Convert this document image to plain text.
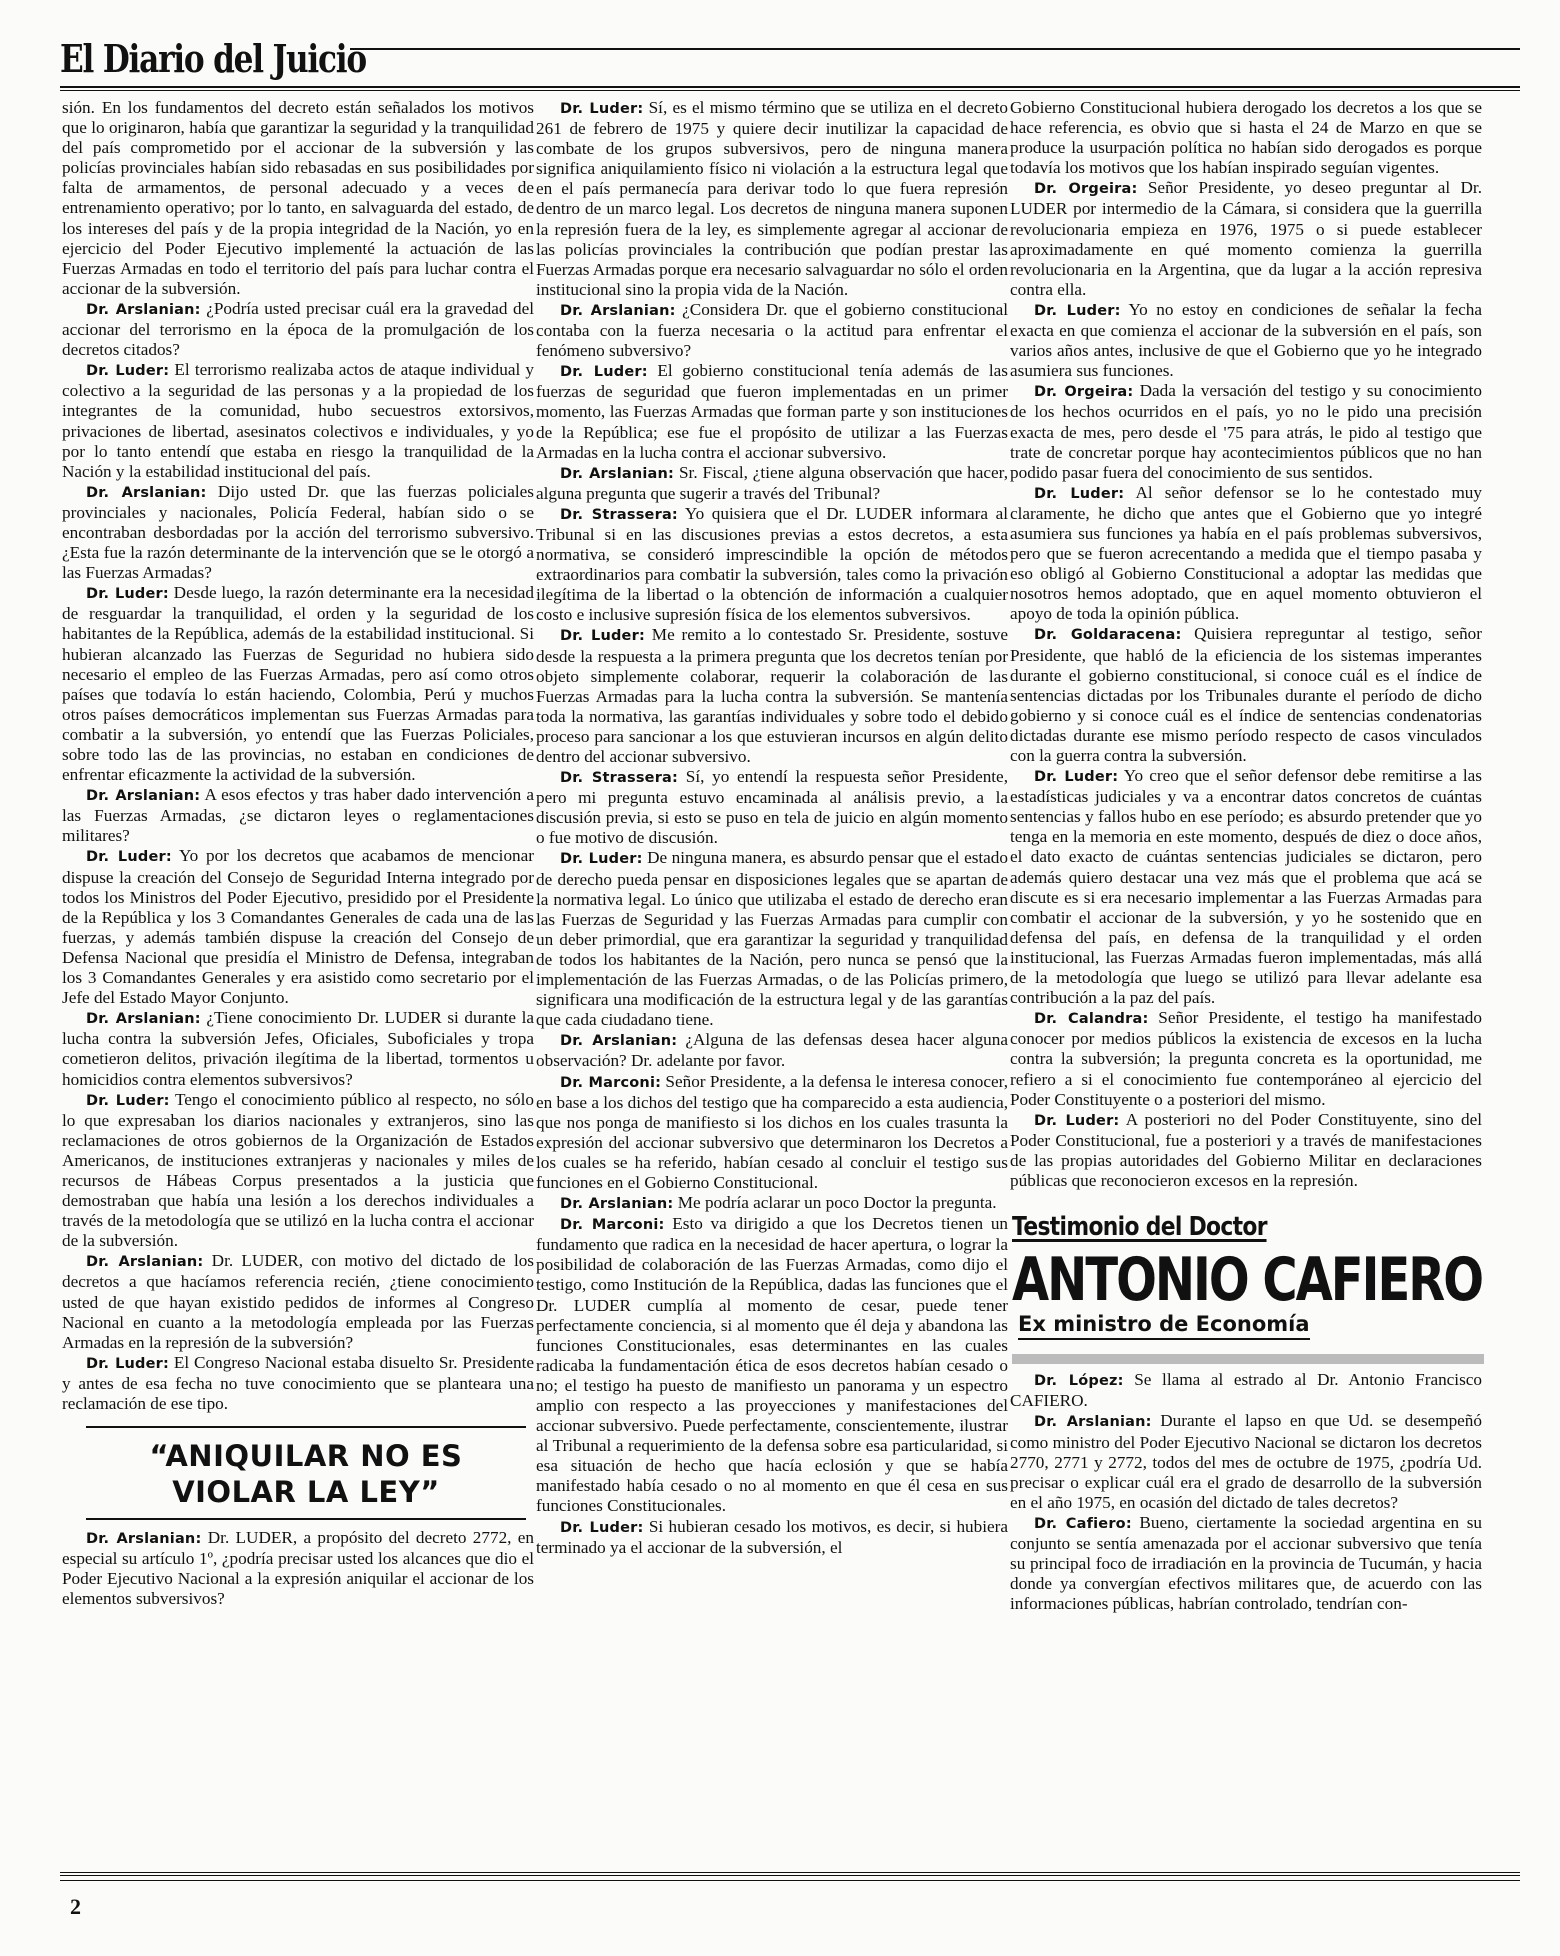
El Diario del Juicio

sión. En los fundamentos del decreto están señalados los motivos que lo originaron, había que garantizar la seguridad y la tranquilidad del país comprometido por el accionar de la subversión y las policías provinciales habían sido rebasadas en sus posibilidades por falta de armamentos, de personal adecuado y a veces de entrenamiento operativo; por lo tanto, en salvaguarda del estado, de los intereses del país y de la propia integridad de la Nación, yo en ejercicio del Poder Ejecutivo implementé la actuación de las Fuerzas Armadas en todo el territorio del país para luchar contra el accionar de la subversión.

Dr. Arslanian: ¿Podría usted precisar cuál era la gravedad del accionar del terrorismo en la época de la promulgación de los decretos citados?

Dr. Luder: El terrorismo realizaba actos de ataque individual y colectivo a la seguridad de las personas y a la propiedad de los integrantes de la comunidad, hubo secuestros extorsivos, privaciones de libertad, asesinatos colectivos e individuales, y yo por lo tanto entendí que estaba en riesgo la tranquilidad de la Nación y la estabilidad institucional del país.

Dr. Arslanian: Dijo usted Dr. que las fuerzas policiales provinciales y nacionales, Policía Federal, habían sido o se encontraban desbordadas por la acción del terrorismo subversivo. ¿Esta fue la razón determinante de la intervención que se le otorgó a las Fuerzas Armadas?

Dr. Luder: Desde luego, la razón determinante era la necesidad de resguardar la tranquilidad, el orden y la seguridad de los habitantes de la República, además de la estabilidad institucional. Si hubieran alcanzado las Fuerzas de Seguridad no hubiera sido necesario el empleo de las Fuerzas Armadas, pero así como otros países que todavía lo están haciendo, Colombia, Perú y muchos otros países democráticos implementan sus Fuerzas Armadas para combatir a la subversión, yo entendí que las Fuerzas Policiales, sobre todo las de las provincias, no estaban en condiciones de enfrentar eficazmente la actividad de la subversión.

Dr. Arslanian: A esos efectos y tras haber dado intervención a las Fuerzas Armadas, ¿se dictaron leyes o reglamentaciones militares?

Dr. Luder: Yo por los decretos que acabamos de mencionar dispuse la creación del Consejo de Seguridad Interna integrado por todos los Ministros del Poder Ejecutivo, presidido por el Presidente de la República y los 3 Comandantes Generales de cada una de las fuerzas, y además también dispuse la creación del Consejo de Defensa Nacional que presidía el Ministro de Defensa, integraban los 3 Comandantes Generales y era asistido como secretario por el Jefe del Estado Mayor Conjunto.

Dr. Arslanian: ¿Tiene conocimiento Dr. LUDER si durante la lucha contra la subversión Jefes, Oficiales, Suboficiales y tropa cometieron delitos, privación ilegítima de la libertad, tormentos u homicidios contra elementos subversivos?

Dr. Luder: Tengo el conocimiento público al respecto, no sólo lo que expresaban los diarios nacionales y extranjeros, sino las reclamaciones de otros gobiernos de la Organización de Estados Americanos, de instituciones extranjeras y nacionales y miles de recursos de Hábeas Corpus presentados a la justicia que demostraban que había una lesión a los derechos individuales a través de la metodología que se utilizó en la lucha contra el accionar de la subversión.

Dr. Arslanian: Dr. LUDER, con motivo del dictado de los decretos a que hacíamos referencia recién, ¿tiene conocimiento usted de que hayan existido pedidos de informes al Congreso Nacional en cuanto a la metodología empleada por las Fuerzas Armadas en la represión de la subversión?

Dr. Luder: El Congreso Nacional estaba disuelto Sr. Presidente y antes de esa fecha no tuve conocimiento que se planteara una reclamación de ese tipo.

“ANIQUILAR NO ES
VIOLAR LA LEY”

Dr. Arslanian: Dr. LUDER, a propósito del decreto 2772, en especial su artículo 1º, ¿podría precisar usted los alcances que dio el Poder Ejecutivo Nacional a la expresión aniquilar el accionar de los elementos subversivos?

Dr. Luder: Sí, es el mismo término que se utiliza en el decreto 261 de febrero de 1975 y quiere decir inutilizar la capacidad de combate de los grupos subversivos, pero de ninguna manera significa aniquilamiento físico ni violación a la estructura legal que en el país permanecía para derivar todo lo que fuera represión dentro de un marco legal. Los decretos de ninguna manera suponen la represión fuera de la ley, es simplemente agregar al accionar de las policías provinciales la contribución que podían prestar las Fuerzas Armadas porque era necesario salvaguardar no sólo el orden institucional sino la propia vida de la Nación.

Dr. Arslanian: ¿Considera Dr. que el gobierno constitucional contaba con la fuerza necesaria o la actitud para enfrentar el fenómeno subversivo?

Dr. Luder: El gobierno constitucional tenía además de las fuerzas de seguridad que fueron implementadas en un primer momento, las Fuerzas Armadas que forman parte y son instituciones de la República; ese fue el propósito de utilizar a las Fuerzas Armadas en la lucha contra el accionar subversivo.

Dr. Arslanian: Sr. Fiscal, ¿tiene alguna observación que hacer, alguna pregunta que sugerir a través del Tribunal?

Dr. Strassera: Yo quisiera que el Dr. LUDER informara al Tribunal si en las discusiones previas a estos decretos, a esta normativa, se consideró imprescindible la opción de métodos extraordinarios para combatir la subversión, tales como la privación ilegítima de la libertad o la obtención de información a cualquier costo e inclusive supresión física de los elementos subversivos.

Dr. Luder: Me remito a lo contestado Sr. Presidente, sostuve desde la respuesta a la primera pregunta que los decretos tenían por objeto simplemente colaborar, requerir la colaboración de las Fuerzas Armadas para la lucha contra la subversión. Se mantenía toda la normativa, las garantías individuales y sobre todo el debido proceso para sancionar a los que estuvieran incursos en algún delito dentro del accionar subversivo.

Dr. Strassera: Sí, yo entendí la respuesta señor Presidente, pero mi pregunta estuvo encaminada al análisis previo, a la discusión previa, si esto se puso en tela de juicio en algún momento o fue motivo de discusión.

Dr. Luder: De ninguna manera, es absurdo pensar que el estado de derecho pueda pensar en disposiciones legales que se apartan de la normativa legal. Lo único que utilizaba el estado de derecho eran las Fuerzas de Seguridad y las Fuerzas Armadas para cumplir con un deber primordial, que era garantizar la seguridad y tranquilidad de todos los habitantes de la Nación, pero nunca se pensó que la implementación de las Fuerzas Armadas, o de las Policías primero, significara una modificación de la estructura legal y de las garantías que cada ciudadano tiene.

Dr. Arslanian: ¿Alguna de las defensas desea hacer alguna observación? Dr. adelante por favor.

Dr. Marconi: Señor Presidente, a la defensa le interesa conocer, en base a los dichos del testigo que ha comparecido a esta audiencia, que nos ponga de manifiesto si los dichos en los cuales trasunta la expresión del accionar subversivo que determinaron los Decretos a los cuales se ha referido, habían cesado al concluir el testigo sus funciones en el Gobierno Constitucional.

Dr. Arslanian: Me podría aclarar un poco Doctor la pregunta.

Dr. Marconi: Esto va dirigido a que los Decretos tienen un fundamento que radica en la necesidad de hacer apertura, o lograr la posibilidad de colaboración de las Fuerzas Armadas, como dijo el testigo, como Institución de la República, dadas las funciones que el Dr. LUDER cumplía al momento de cesar, puede tener perfectamente conciencia, si al momento que él deja y abandona las funciones Constitucionales, esas determinantes en las cuales radicaba la fundamentación ética de esos decretos habían cesado o no; el testigo ha puesto de manifiesto un panorama y un espectro amplio con respecto a las proyecciones y manifestaciones del accionar subversivo. Puede perfectamente, conscientemente, ilustrar al Tribunal a requerimiento de la defensa sobre esa particularidad, si esa situación de hecho que hacía eclosión y que se había manifestado había cesado o no al momento en que él cesa en sus funciones Constitucionales.

Dr. Luder: Si hubieran cesado los motivos, es decir, si hubiera terminado ya el accionar de la subversión, el

Gobierno Constitucional hubiera derogado los decretos a los que se hace referencia, es obvio que si hasta el 24 de Marzo en que se produce la usurpación política no habían sido derogados es porque todavía los motivos que los habían inspirado seguían vigentes.

Dr. Orgeira: Señor Presidente, yo deseo preguntar al Dr. LUDER por intermedio de la Cámara, si considera que la guerrilla revolucionaria empieza en 1976, 1975 o si puede establecer aproximadamente en qué momento comienza la guerrilla revolucionaria en la Argentina, que da lugar a la acción represiva contra ella.

Dr. Luder: Yo no estoy en condiciones de señalar la fecha exacta en que comienza el accionar de la subversión en el país, son varios años antes, inclusive de que el Gobierno que yo he integrado asumiera sus funciones.

Dr. Orgeira: Dada la versación del testigo y su conocimiento de los hechos ocurridos en el país, yo no le pido una precisión exacta de mes, pero desde el '75 para atrás, le pido al testigo que trate de concretar porque hay acontecimientos públicos que no han podido pasar fuera del conocimiento de sus sentidos.

Dr. Luder: Al señor defensor se lo he contestado muy claramente, he dicho que antes que el Gobierno que yo integré asumiera sus funciones ya había en el país problemas subversivos, pero que se fueron acrecentando a medida que el tiempo pasaba y eso obligó al Gobierno Constitucional a adoptar las medidas que nosotros hemos adoptado, que en aquel momento obtuvieron el apoyo de toda la opinión pública.

Dr. Goldaracena: Quisiera repreguntar al testigo, señor Presidente, que habló de la eficiencia de los sistemas imperantes durante el gobierno constitucional, si conoce cuál es el índice de sentencias dictadas por los Tribunales durante el período de dicho gobierno y si conoce cuál es el índice de sentencias condenatorias dictadas durante ese mismo período respecto de casos vinculados con la guerra contra la subversión.

Dr. Luder: Yo creo que el señor defensor debe remitirse a las estadísticas judiciales y va a encontrar datos concretos de cuántas sentencias y fallos hubo en ese período; es absurdo pretender que yo tenga en la memoria en este momento, después de diez o doce años, el dato exacto de cuántas sentencias judiciales se dictaron, pero además quiero destacar una vez más que el problema que acá se discute es si era necesario implementar a las Fuerzas Armadas para combatir el accionar de la subversión, y yo he sostenido que en defensa del país, en defensa de la tranquilidad y el orden institucional, las Fuerzas Armadas fueron implementadas, más allá de la metodología que luego se utilizó para llevar adelante esa contribución a la paz del país.

Dr. Calandra: Señor Presidente, el testigo ha manifestado conocer por medios públicos la existencia de excesos en la lucha contra la subversión; la pregunta concreta es la oportunidad, me refiero a si el conocimiento fue contemporáneo al ejercicio del Poder Constituyente o a posteriori del mismo.

Dr. Luder: A posteriori no del Poder Constituyente, sino del Poder Constitucional, fue a posteriori y a través de manifestaciones de las propias autoridades del Gobierno Militar en declaraciones públicas que reconocieron excesos en la represión.

Testimonio del Doctor
ANTONIO CAFIERO
Ex ministro de Economía

Dr. López: Se llama al estrado al Dr. Antonio Francisco CAFIERO.

Dr. Arslanian: Durante el lapso en que Ud. se desempeñó como ministro del Poder Ejecutivo Nacional se dictaron los decretos 2770, 2771 y 2772, todos del mes de octubre de 1975, ¿podría Ud. precisar o explicar cuál era el grado de desarrollo de la subversión en el año 1975, en ocasión del dictado de tales decretos?

Dr. Cafiero: Bueno, ciertamente la sociedad argentina en su conjunto se sentía amenazada por el accionar subversivo que tenía su principal foco de irradiación en la provincia de Tucumán, y hacia donde ya convergían efectivos militares que, de acuerdo con las informaciones públicas, habrían controlado, tendrían con-

2
